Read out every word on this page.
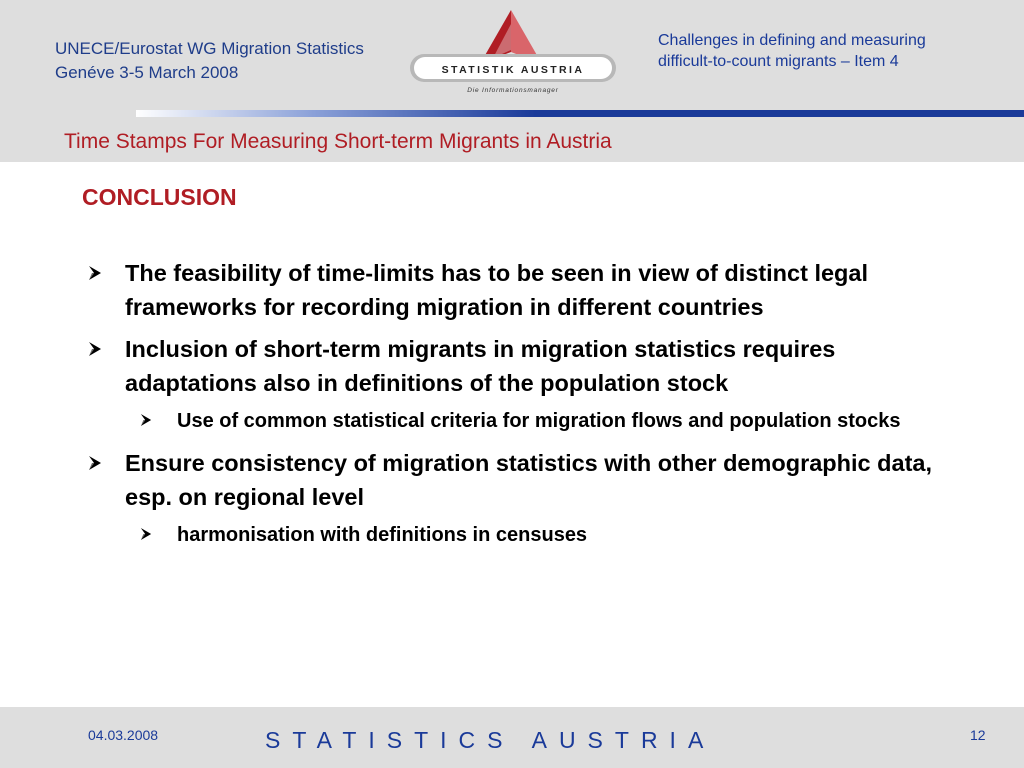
UNECE/Eurostat WG Migration Statistics
Genéve 3-5 March 2008	STATISTIK AUSTRIA
Die Informationsmanager
Challenges in defining and measuring
difficult-to-count migrants – Item 4
Time Stamps For Measuring Short-term Migrants in Austria
CONCLUSION
The feasibility of time-limits has to be seen in view of distinct legal frameworks for recording migration in different countries
Inclusion of short-term migrants in migration statistics requires adaptations also in definitions of the population stock
Use of common statistical criteria for migration flows and population stocks
Ensure consistency of migration statistics with other demographic data, esp. on regional level
harmonisation with definitions in censuses
04.03.2008	STATISTICS AUSTRIA	12
